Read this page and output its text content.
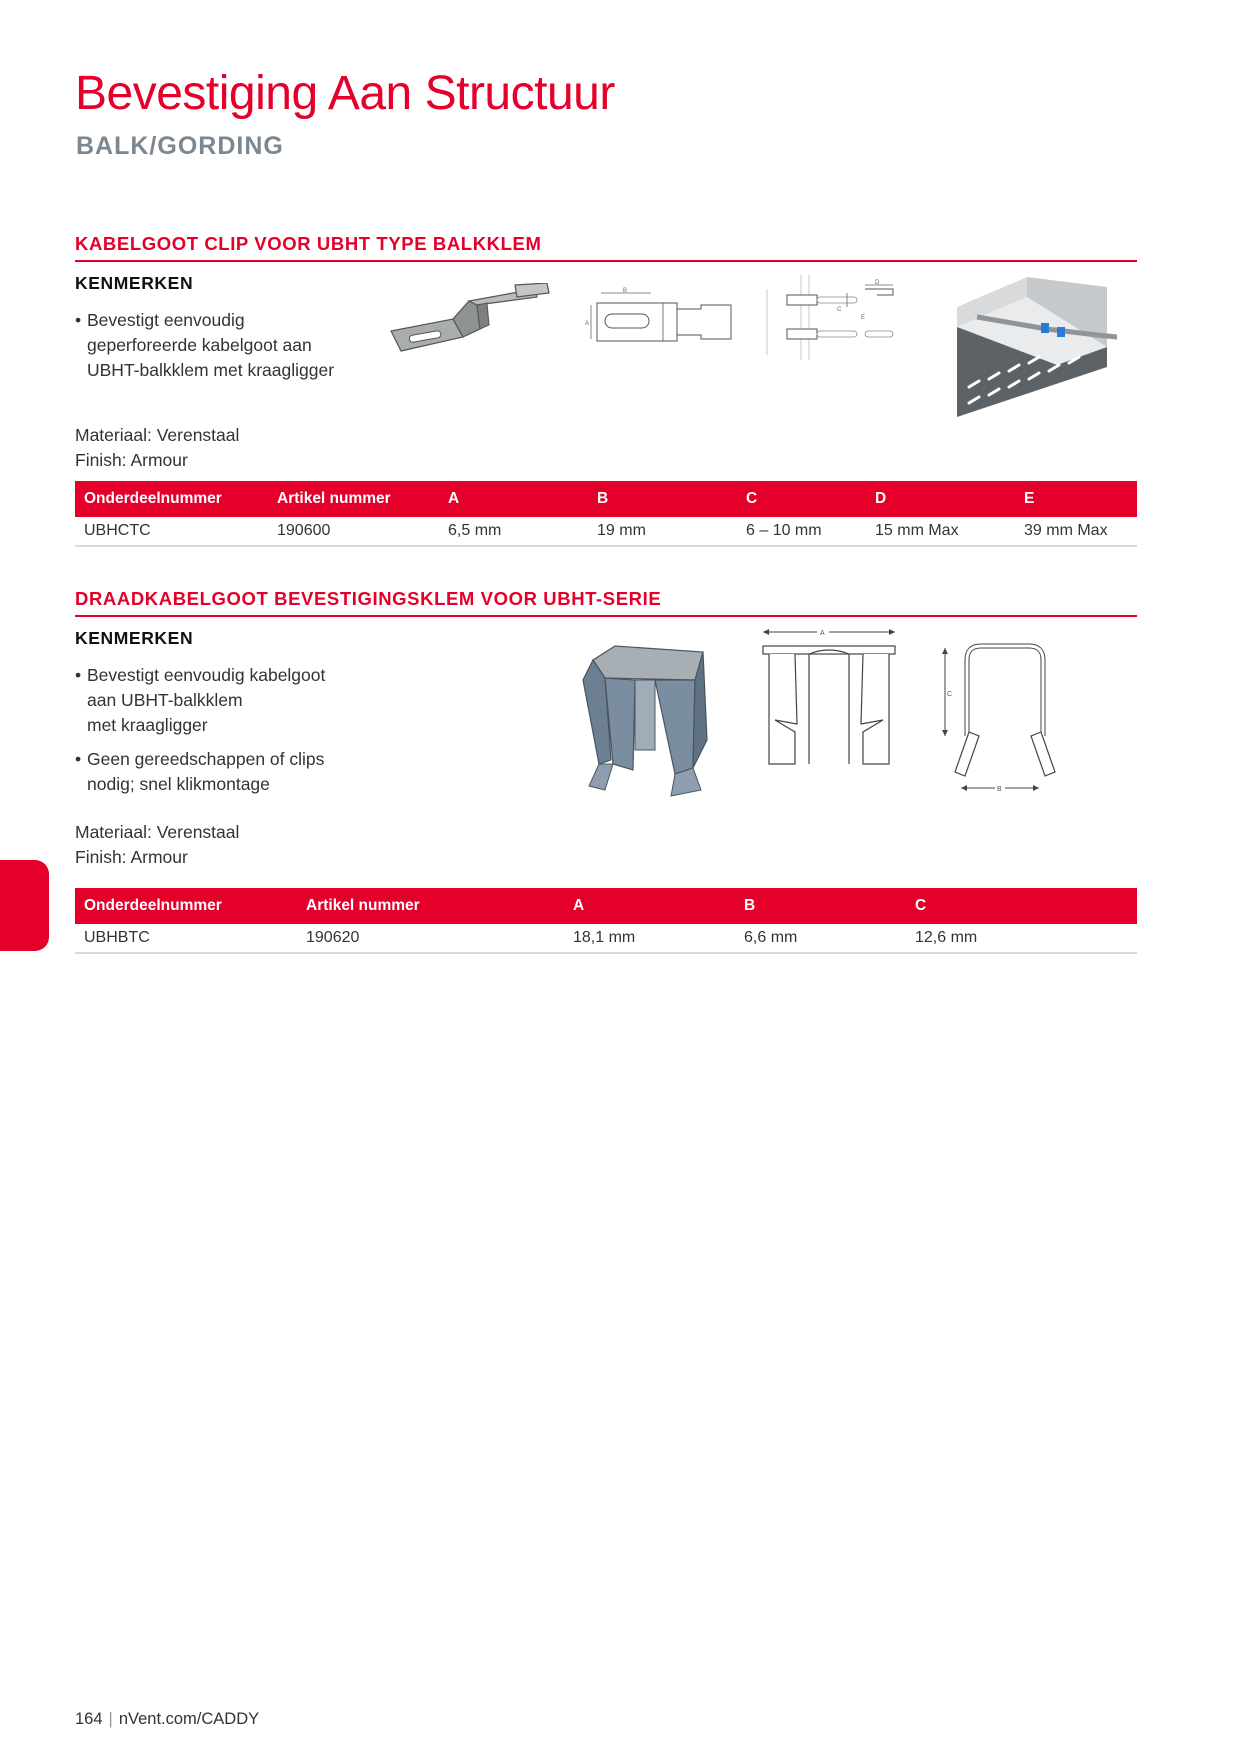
Bevestiging Aan Structuur
BALK/GORDING
KABELGOOT CLIP VOOR UBHT TYPE BALKKLEM
KENMERKEN
• Bevestigt eenvoudig
geperforeerde kabelgoot aan
UBHT-balkklem met kraagligger
Materiaal: Verenstaal
Finish: Armour
B
A
C
D
E
Onderdeelnummer	Artikel nummer	A	B	C	D	E
UBHCTC	190600	6,5 mm	19 mm	6 – 10 mm	15 mm Max	39 mm Max
DRAADKABELGOOT BEVESTIGINGSKLEM VOOR UBHT-SERIE
KENMERKEN
• Bevestigt eenvoudig kabelgoot
aan UBHT-balkklem
met kraagligger
• Geen gereedschappen of clips
nodig; snel klikmontage
Materiaal: Verenstaal
Finish: Armour
A
C
B
Onderdeelnummer	Artikel nummer	A	B	C
UBHBTC	190620	18,1 mm	6,6 mm	12,6 mm
164 | nVent.com/CADDY
